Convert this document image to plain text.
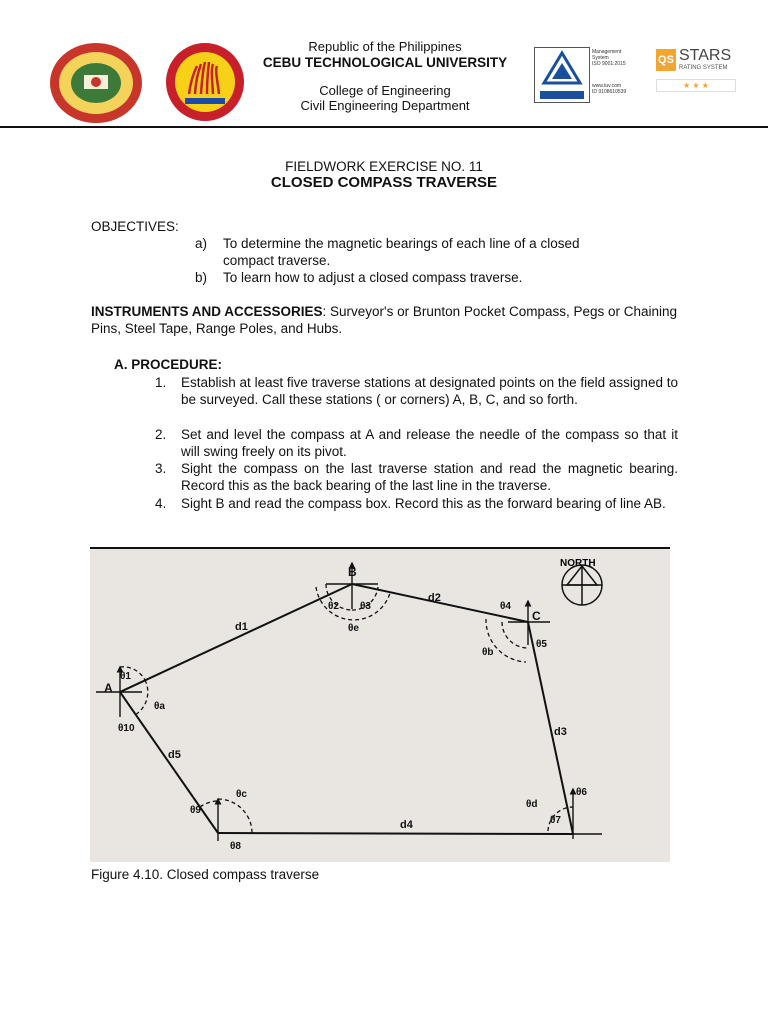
Republic of the Philippines
CEBU TECHNOLOGICAL UNIVERSITY
College of Engineering
Civil Engineering Department
Management
System
ISO 9001:2015
www.tuv.com
ID 9108610539
QS STARS
RATING SYSTEM
★ ★ ★
FIELDWORK EXERCISE NO. 11
CLOSED COMPASS TRAVERSE
OBJECTIVES:
a) To determine the magnetic bearings of each line of a closed compact traverse.
b) To learn how to adjust a closed compass traverse.
INSTRUMENTS AND ACCESSORIES: Surveyor's or Brunton Pocket Compass, Pegs or Chaining Pins, Steel Tape, Range Poles, and Hubs.
A. PROCEDURE:
1. Establish at least five traverse stations at designated points on the field assigned to be surveyed. Call these stations ( or corners) A, B, C, and so forth.
2. Set and level the compass at A and release the needle of the compass so that it will swing freely on its pivot.
3. Sight the compass on the last traverse station and read the magnetic bearing. Record this as the back bearing of the last line in the traverse.
4. Sight B and read the compass box. Record this as the forward bearing of line AB.
NORTH
A
B
C
d1
d2
d3
d4
d5
θ1
θ2 θ3	θ4
θ5
θ6
θ7
θ8
θ9
θ10
θa
θb
θc
θd
θe
Figure 4.10. Closed compass traverse
